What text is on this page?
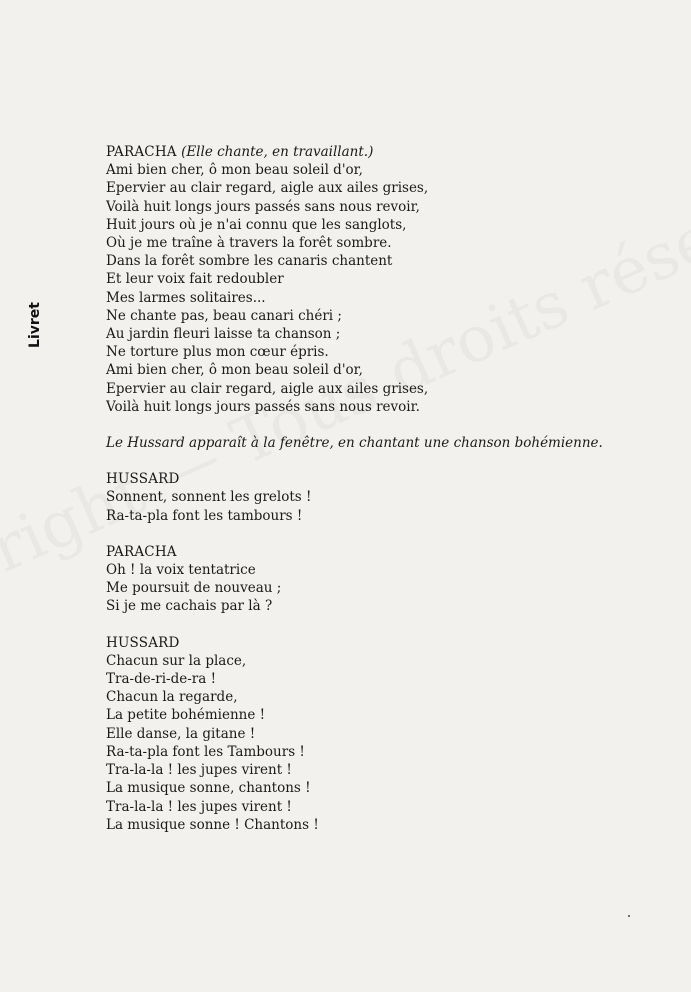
Livret
PARACHA (Elle chante, en travaillant.)
Ami bien cher, ô mon beau soleil d'or,
Epervier au clair regard, aigle aux ailes grises,
Voilà huit longs jours passés sans nous revoir,
Huit jours où je n'ai connu que les sanglots,
Où je me traîne à travers la forêt sombre.
Dans la forêt sombre les canaris chantent
Et leur voix fait redoubler
Mes larmes solitaires...
Ne chante pas, beau canari chéri ;
Au jardin fleuri laisse ta chanson ;
Ne torture plus mon cœur épris.
Ami bien cher, ô mon beau soleil d'or,
Epervier au clair regard, aigle aux ailes grises,
Voilà huit longs jours passés sans nous revoir.
Le Hussard apparaît à la fenêtre, en chantant une chanson bohémienne.
HUSSARD
Sonnent, sonnent les grelots !
Ra-ta-pla font les tambours !
PARACHA
Oh ! la voix tentatrice
Me poursuit de nouveau ;
Si je me cachais par là ?
HUSSARD
Chacun sur la place,
Tra-de-ri-de-ra !
Chacun la regarde,
La petite bohémienne !
Elle danse, la gitane !
Ra-ta-pla font les Tambours !
Tra-la-la ! les jupes virent !
La musique sonne, chantons !
Tra-la-la ! les jupes virent !
La musique sonne ! Chantons !
